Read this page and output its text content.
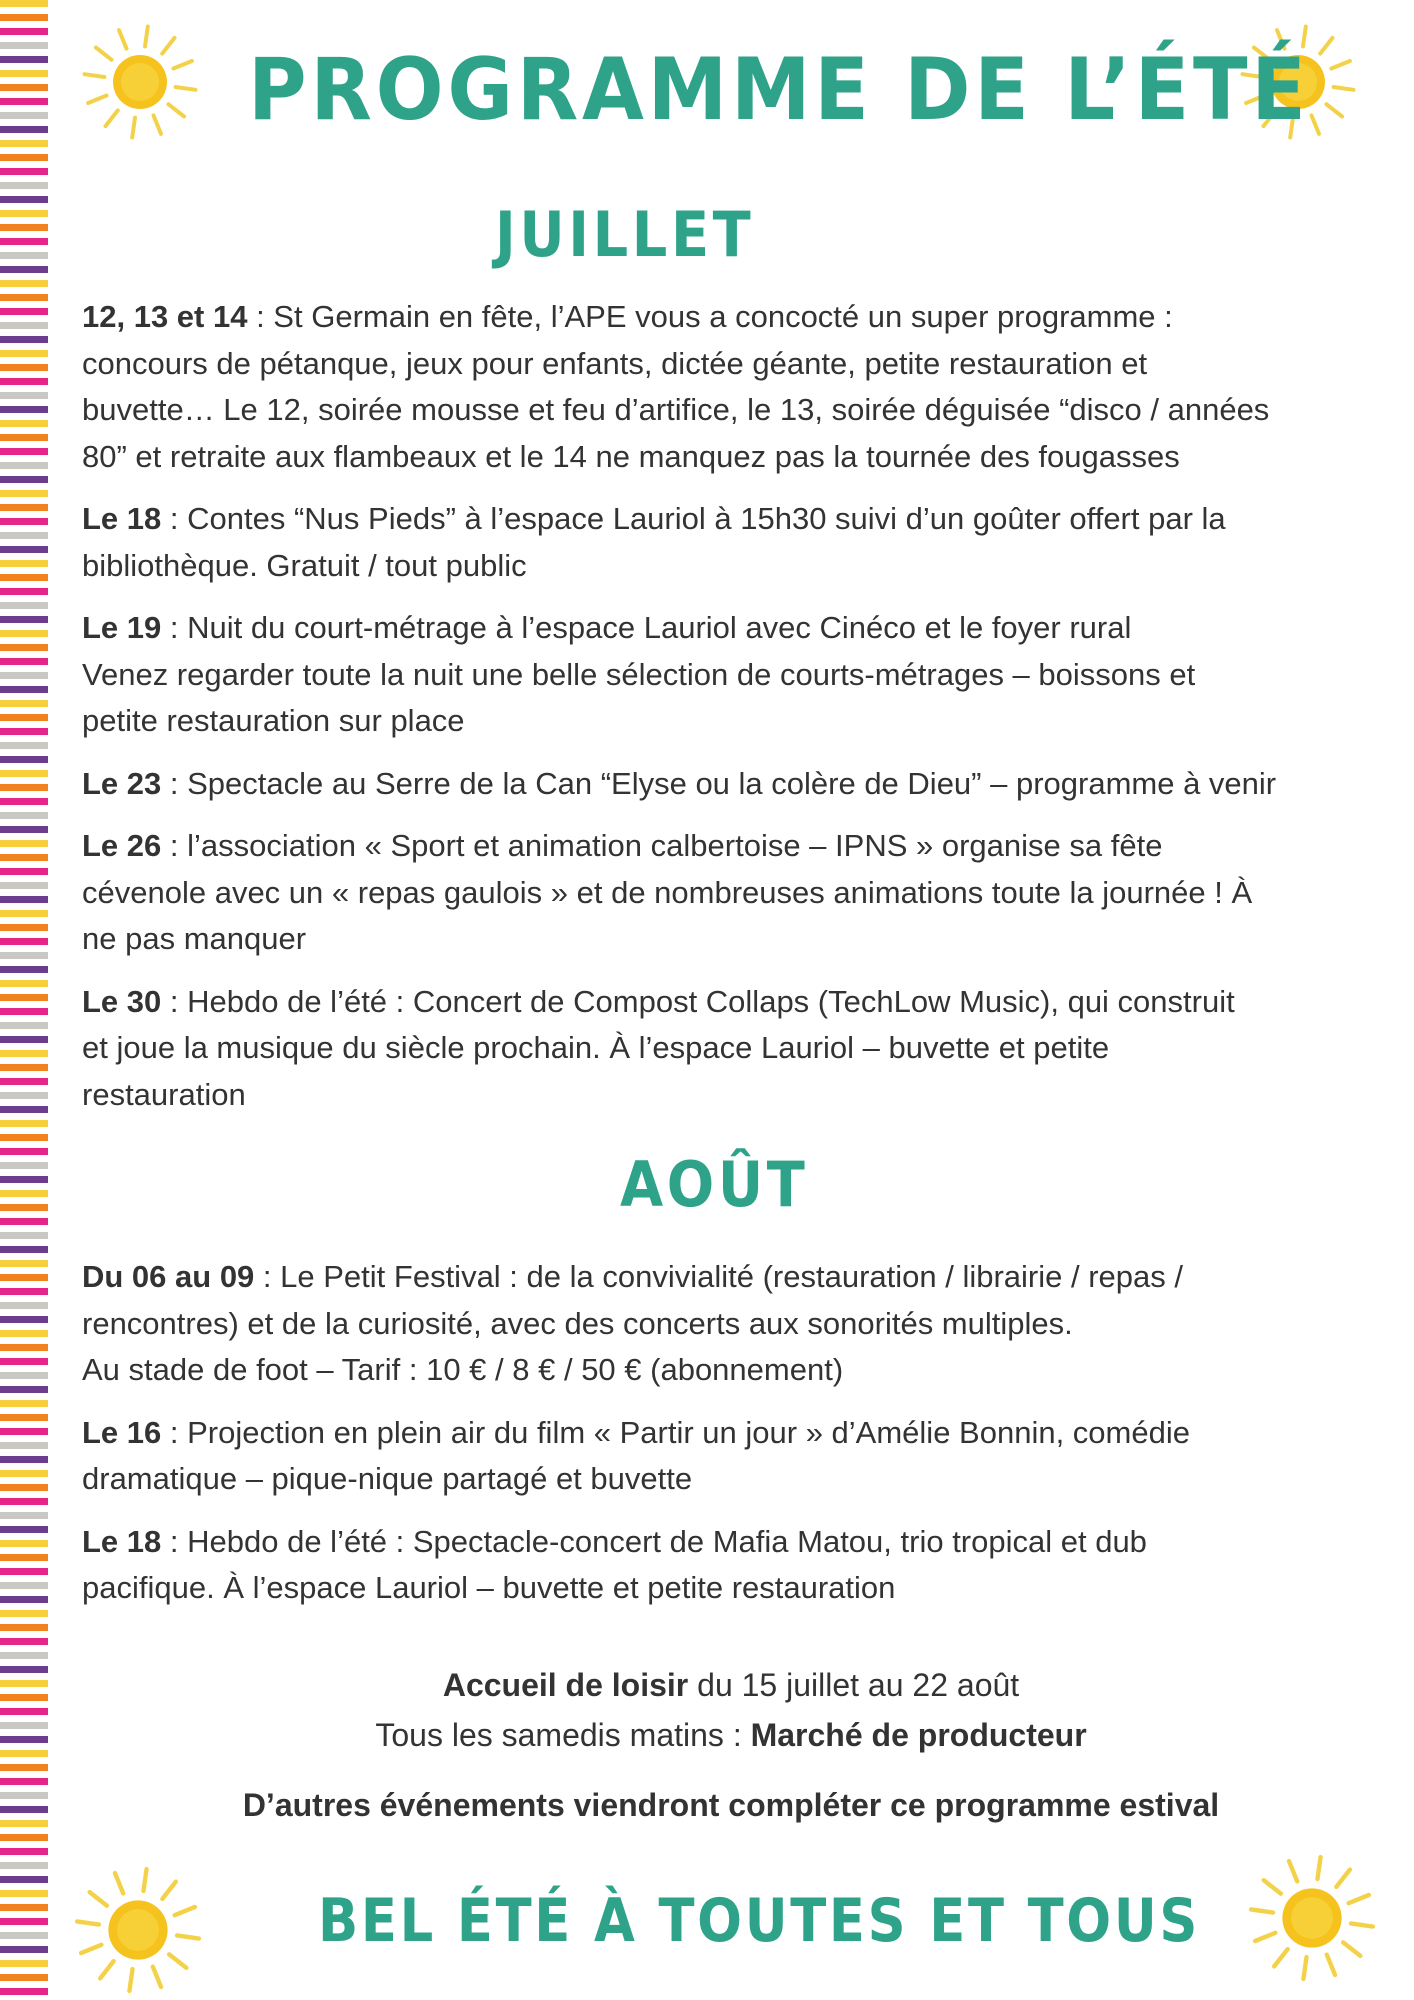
PROGRAMME DE L’ÉTÉ
JUILLET

12, 13 et 14 : St Germain en fête, l’APE vous a concocté un super programme :
concours de pétanque, jeux pour enfants, dictée géante, petite restauration et
buvette… Le 12, soirée mousse et feu d’artifice, le 13, soirée déguisée “disco / années
80” et retraite aux flambeaux et le 14 ne manquez pas la tournée des fougasses

Le 18 : Contes “Nus Pieds” à l’espace Lauriol à 15h30 suivi d’un goûter offert par la
bibliothèque. Gratuit / tout public

Le 19 : Nuit du court-métrage à l’espace Lauriol avec Cinéco et le foyer rural
Venez regarder toute la nuit une belle sélection de courts-métrages – boissons et
petite restauration sur place

Le 23 : Spectacle au Serre de la Can “Elyse ou la colère de Dieu” – programme à venir

Le 26 : l’association « Sport et animation calbertoise – IPNS » organise sa fête
cévenole avec un « repas gaulois » et de nombreuses animations toute la journée ! À
ne pas manquer

Le 30 : Hebdo de l’été : Concert de Compost Collaps (TechLow Music), qui construit
et joue la musique du siècle prochain. À l’espace Lauriol – buvette et petite
restauration

Du 06 au 09 : Le Petit Festival : de la convivialité (restauration / librairie / repas /
rencontres) et de la curiosité, avec des concerts aux sonorités multiples.
Au stade de foot – Tarif : 10 € / 8 € / 50 € (abonnement)

Le 16 : Projection en plein air du film « Partir un jour » d’Amélie Bonnin, comédie
dramatique – pique-nique partagé et buvette

Le 18 : Hebdo de l’été : Spectacle-concert de Mafia Matou, trio tropical et dub
pacifique. À l’espace Lauriol – buvette et petite restauration

AOÛT
Accueil de loisir du 15 juillet au 22 août
Tous les samedis matins : Marché de producteur
D’autres événements viendront compléter ce programme estival
BEL ÉTÉ À TOUTES ET TOUS
